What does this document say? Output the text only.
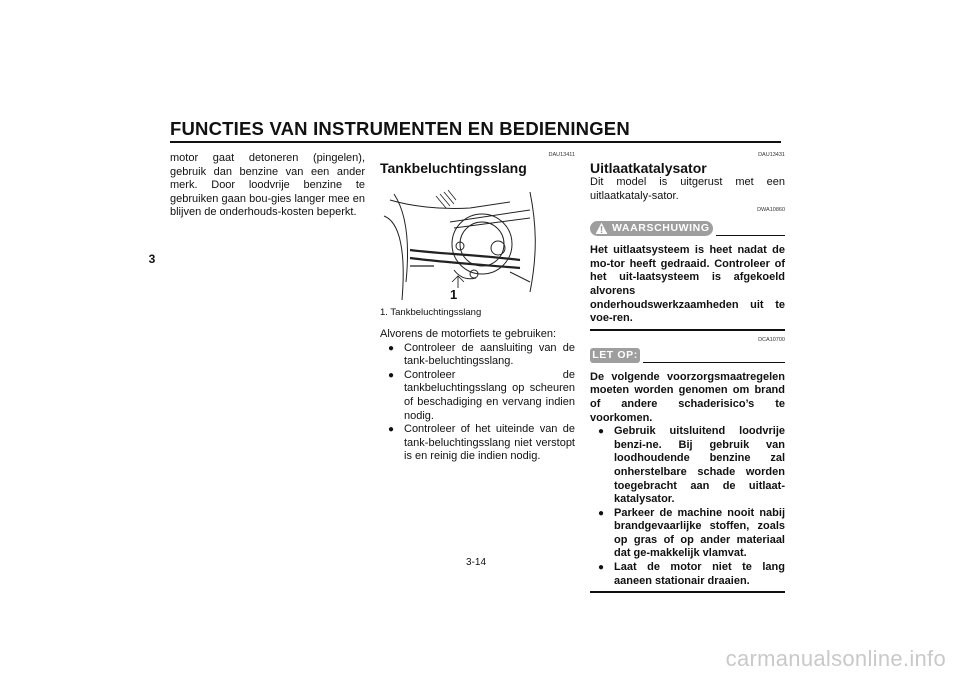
FUNCTIES VAN INSTRUMENTEN EN BEDIENINGEN
3

motor gaat detoneren (pingelen), gebruik dan benzine van een ander merk. Door loodvrije benzine te gebruiken gaan bou-gies langer mee en blijven de onderhouds-kosten beperkt.

DAU13411
Tankbeluchtingsslang
1
1. Tankbeluchtingsslang

Alvorens de motorfiets te gebruiken:

● Controleer de aansluiting van de tank-beluchtingsslang.
● Controleer de tankbeluchtingsslang op scheuren of beschadiging en vervang indien nodig.
● Controleer of het uiteinde van de tank-beluchtingsslang niet verstopt is en reinig die indien nodig.
DAU13431
Uitlaatkatalysator

Dit model is uitgerust met een uitlaatkataly-sator.

DWA10860
WAARSCHUWING

Het uitlaatsysteem is heet nadat de mo-tor heeft gedraaid. Controleer of het uit-laatsysteem is afgekoeld alvorens onderhoudswerkzaamheden uit te voe-ren.

DCA10700
LET OP:

De volgende voorzorgsmaatregelen moeten worden genomen om brand of andere schaderisico’s te voorkomen.

● Gebruik uitsluitend loodvrije benzi-ne. Bij gebruik van loodhoudende benzine zal onherstelbare schade worden toegebracht aan de uitlaat-katalysator.
● Parkeer de machine nooit nabij brandgevaarlijke stoffen, zoals op gras of op ander materiaal dat ge-makkelijk vlamvat.
● Laat de motor niet te lang aaneen stationair draaien.
3-14
carmanualsonline.info
